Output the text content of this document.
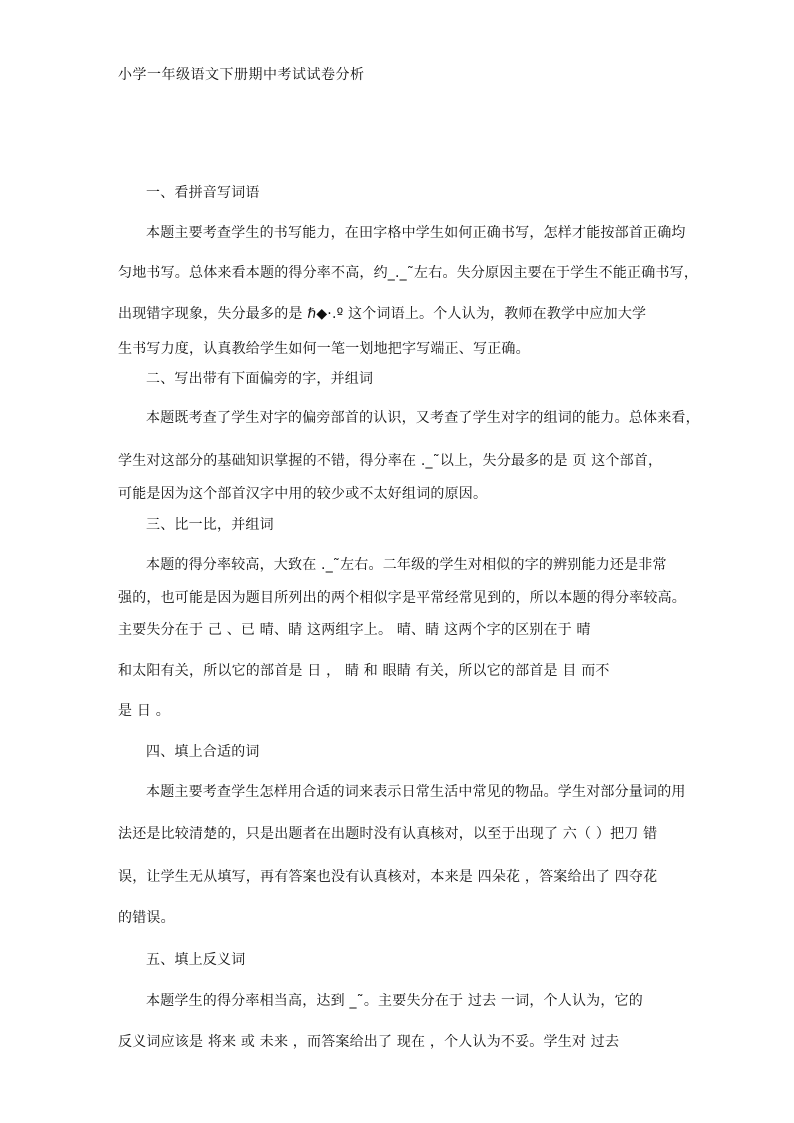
小学一年级语文下册期中考试试卷分析
一、看拼音写词语
本题主要考查学生的书写能力，在田字格中学生如何正确书写，怎样才能按部首正确均
匀地书写。总体来看本题的得分率不高，约_._˜左右。失分原因主要在于学生不能正确书写，
出现错字现象，失分最多的是 ℏ◆·.º 这个词语上。个人认为，教师在教学中应加大学
生书写力度，认真教给学生如何一笔一划地把字写端正、写正确。
二、写出带有下面偏旁的字，并组词
本题既考查了学生对字的偏旁部首的认识，又考查了学生对字的组词的能力。总体来看，
学生对这部分的基础知识掌握的不错，得分率在 ._˜以上，失分最多的是 页 这个部首，
可能是因为这个部首汉字中用的较少或不太好组词的原因。
三、比一比，并组词
本题的得分率较高，大致在 ._˜左右。二年级的学生对相似的字的辨别能力还是非常
强的，也可能是因为题目所列出的两个相似字是平常经常见到的，所以本题的得分率较高。
主要失分在于 己 、已 晴、睛 这两组字上。 晴、睛 这两个字的区别在于 晴
和太阳有关，所以它的部首是 日 ， 睛 和 眼睛 有关，所以它的部首是 目 而不
是 日 。
四、填上合适的词
本题主要考查学生怎样用合适的词来表示日常生活中常见的物品。学生对部分量词的用
法还是比较清楚的，只是出题者在出题时没有认真核对，以至于出现了 六（ ）把刀 错
误，让学生无从填写，再有答案也没有认真核对，本来是 四朵花 ，答案给出了 四夺花
的错误。
五、填上反义词
本题学生的得分率相当高，达到 _˜。主要失分在于 过去 一词，个人认为，它的
反义词应该是 将来 或 未来 ，而答案给出了 现在 ，个人认为不妥。学生对 过去
